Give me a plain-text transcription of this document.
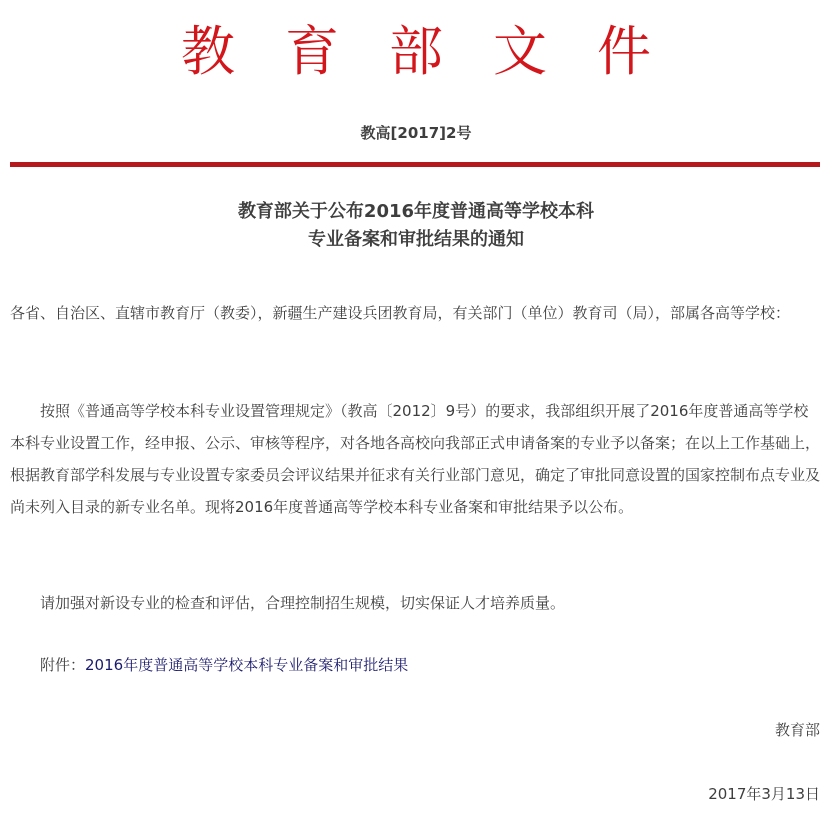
教育部文件
教高[2017]2号
教育部关于公布2016年度普通高等学校本科
专业备案和审批结果的通知

各省、自治区、直辖市教育厅（教委），新疆生产建设兵团教育局，有关部门（单位）教育司（局），部属各高等学校：

按照《普通高等学校本科专业设置管理规定》（教高〔2012〕9号）的要求，我部组织开展了2016年度普通高等学校本科专业设置工作，经申报、公示、审核等程序，对各地各高校向我部正式申请备案的专业予以备案；在以上工作基础上，根据教育部学科发展与专业设置专家委员会评议结果并征求有关行业部门意见，确定了审批同意设置的国家控制布点专业及尚未列入目录的新专业名单。现将2016年度普通高等学校本科专业备案和审批结果予以公布。

请加强对新设专业的检查和评估，合理控制招生规模，切实保证人才培养质量。

附件：2016年度普通高等学校本科专业备案和审批结果

教育部
2017年3月13日
